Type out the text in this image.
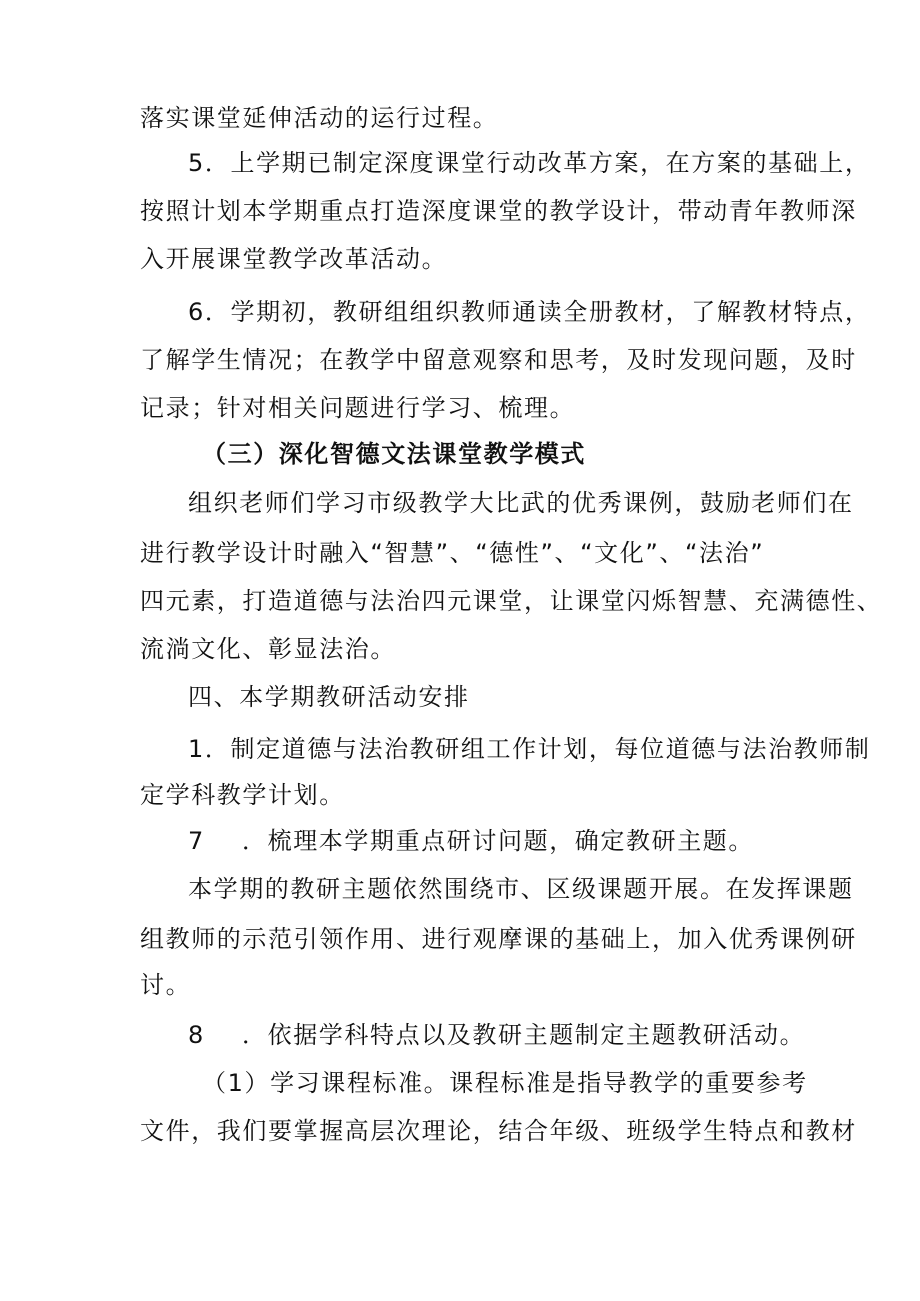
落实课堂延伸活动的运行过程。
5．上学期已制定深度课堂行动改革方案，在方案的基础上，
按照计划本学期重点打造深度课堂的教学设计，带动青年教师深
入开展课堂教学改革活动。
6．学期初，教研组组织教师通读全册教材，了解教材特点，
了解学生情况；在教学中留意观察和思考，及时发现问题，及时
记录；针对相关问题进行学习、梳理。
（三）深化智德文法课堂教学模式
组织老师们学习市级教学大比武的优秀课例，鼓励老师们在
进行教学设计时融入“智慧”、“德性”、“文化”、“法治”
四元素，打造道德与法治四元课堂，让课堂闪烁智慧、充满德性、
流淌文化、彰显法治。
四、本学期教研活动安排
1．制定道德与法治教研组工作计划，每位道德与法治教师制
定学科教学计划。
7 ．梳理本学期重点研讨问题，确定教研主题。
本学期的教研主题依然围绕市、区级课题开展。在发挥课题
组教师的示范引领作用、进行观摩课的基础上，加入优秀课例研
讨。
8 ．依据学科特点以及教研主题制定主题教研活动。
（1）学习课程标准。课程标准是指导教学的重要参考
文件，我们要掌握高层次理论，结合年级、班级学生特点和教材
